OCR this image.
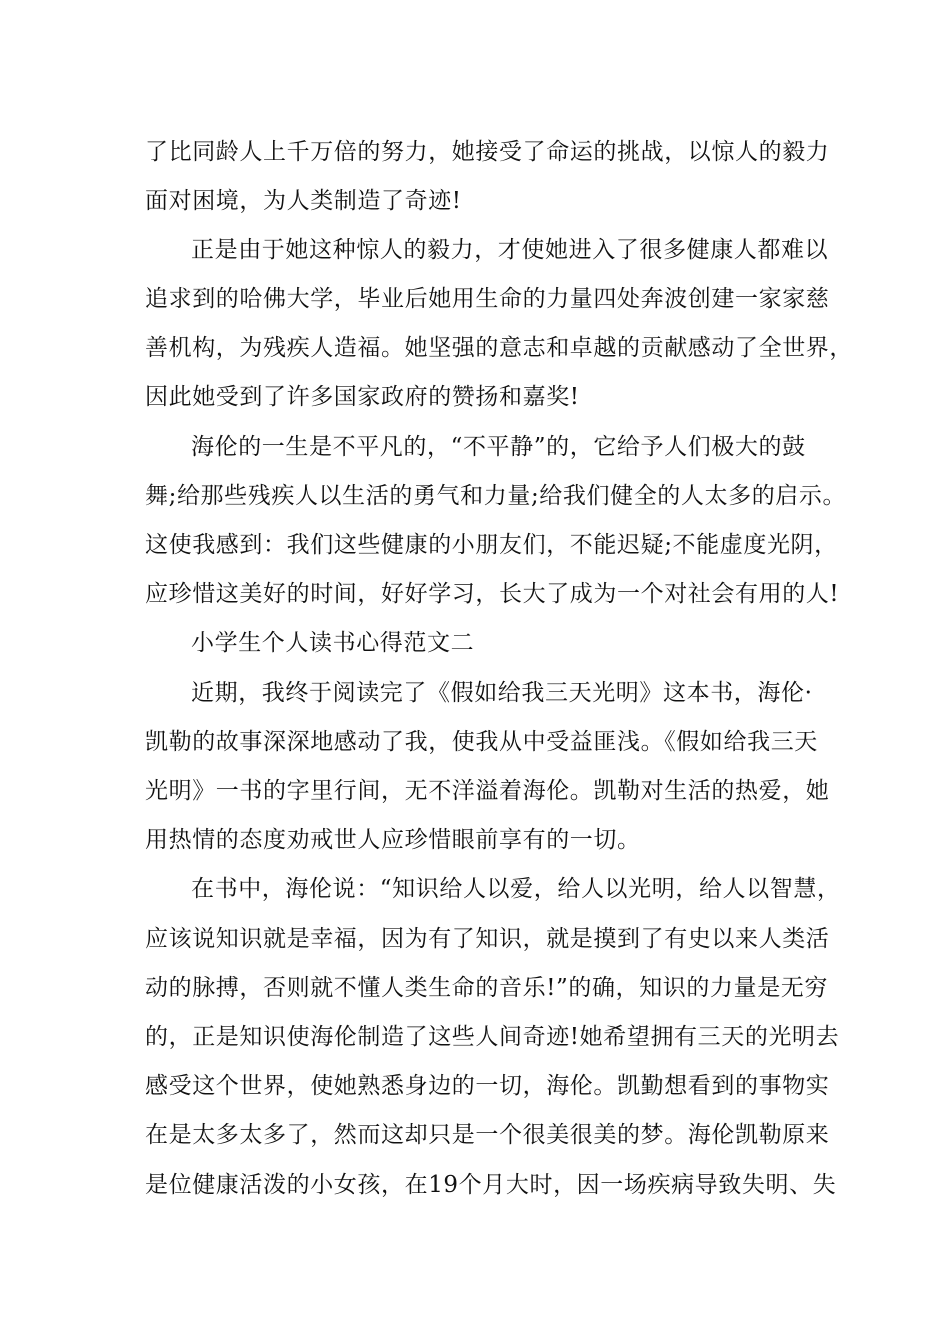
了比同龄人上千万倍的努力，她接受了命运的挑战，以惊人的毅力
面对困境，为人类制造了奇迹!
正是由于她这种惊人的毅力，才使她进入了很多健康人都难以
追求到的哈佛大学，毕业后她用生命的力量四处奔波创建一家家慈
善机构，为残疾人造福。她坚强的意志和卓越的贡献感动了全世界，
因此她受到了许多国家政府的赞扬和嘉奖!
海伦的一生是不平凡的，“不平静”的，它给予人们极大的鼓
舞;给那些残疾人以生活的勇气和力量;给我们健全的人太多的启示。
这使我感到：我们这些健康的小朋友们，不能迟疑;不能虚度光阴，
应珍惜这美好的时间，好好学习，长大了成为一个对社会有用的人!
小学生个人读书心得范文二
近期，我终于阅读完了《假如给我三天光明》这本书，海伦·
凯勒的故事深深地感动了我，使我从中受益匪浅。《假如给我三天
光明》一书的字里行间，无不洋溢着海伦。凯勒对生活的热爱，她
用热情的态度劝戒世人应珍惜眼前享有的一切。
在书中，海伦说：“知识给人以爱，给人以光明，给人以智慧，
应该说知识就是幸福，因为有了知识，就是摸到了有史以来人类活
动的脉搏，否则就不懂人类生命的音乐!”的确，知识的力量是无穷
的，正是知识使海伦制造了这些人间奇迹!她希望拥有三天的光明去
感受这个世界，使她熟悉身边的一切，海伦。凯勤想看到的事物实
在是太多太多了，然而这却只是一个很美很美的梦。海伦凯勒原来
是位健康活泼的小女孩，在19个月大时，因一场疾病导致失明、失
